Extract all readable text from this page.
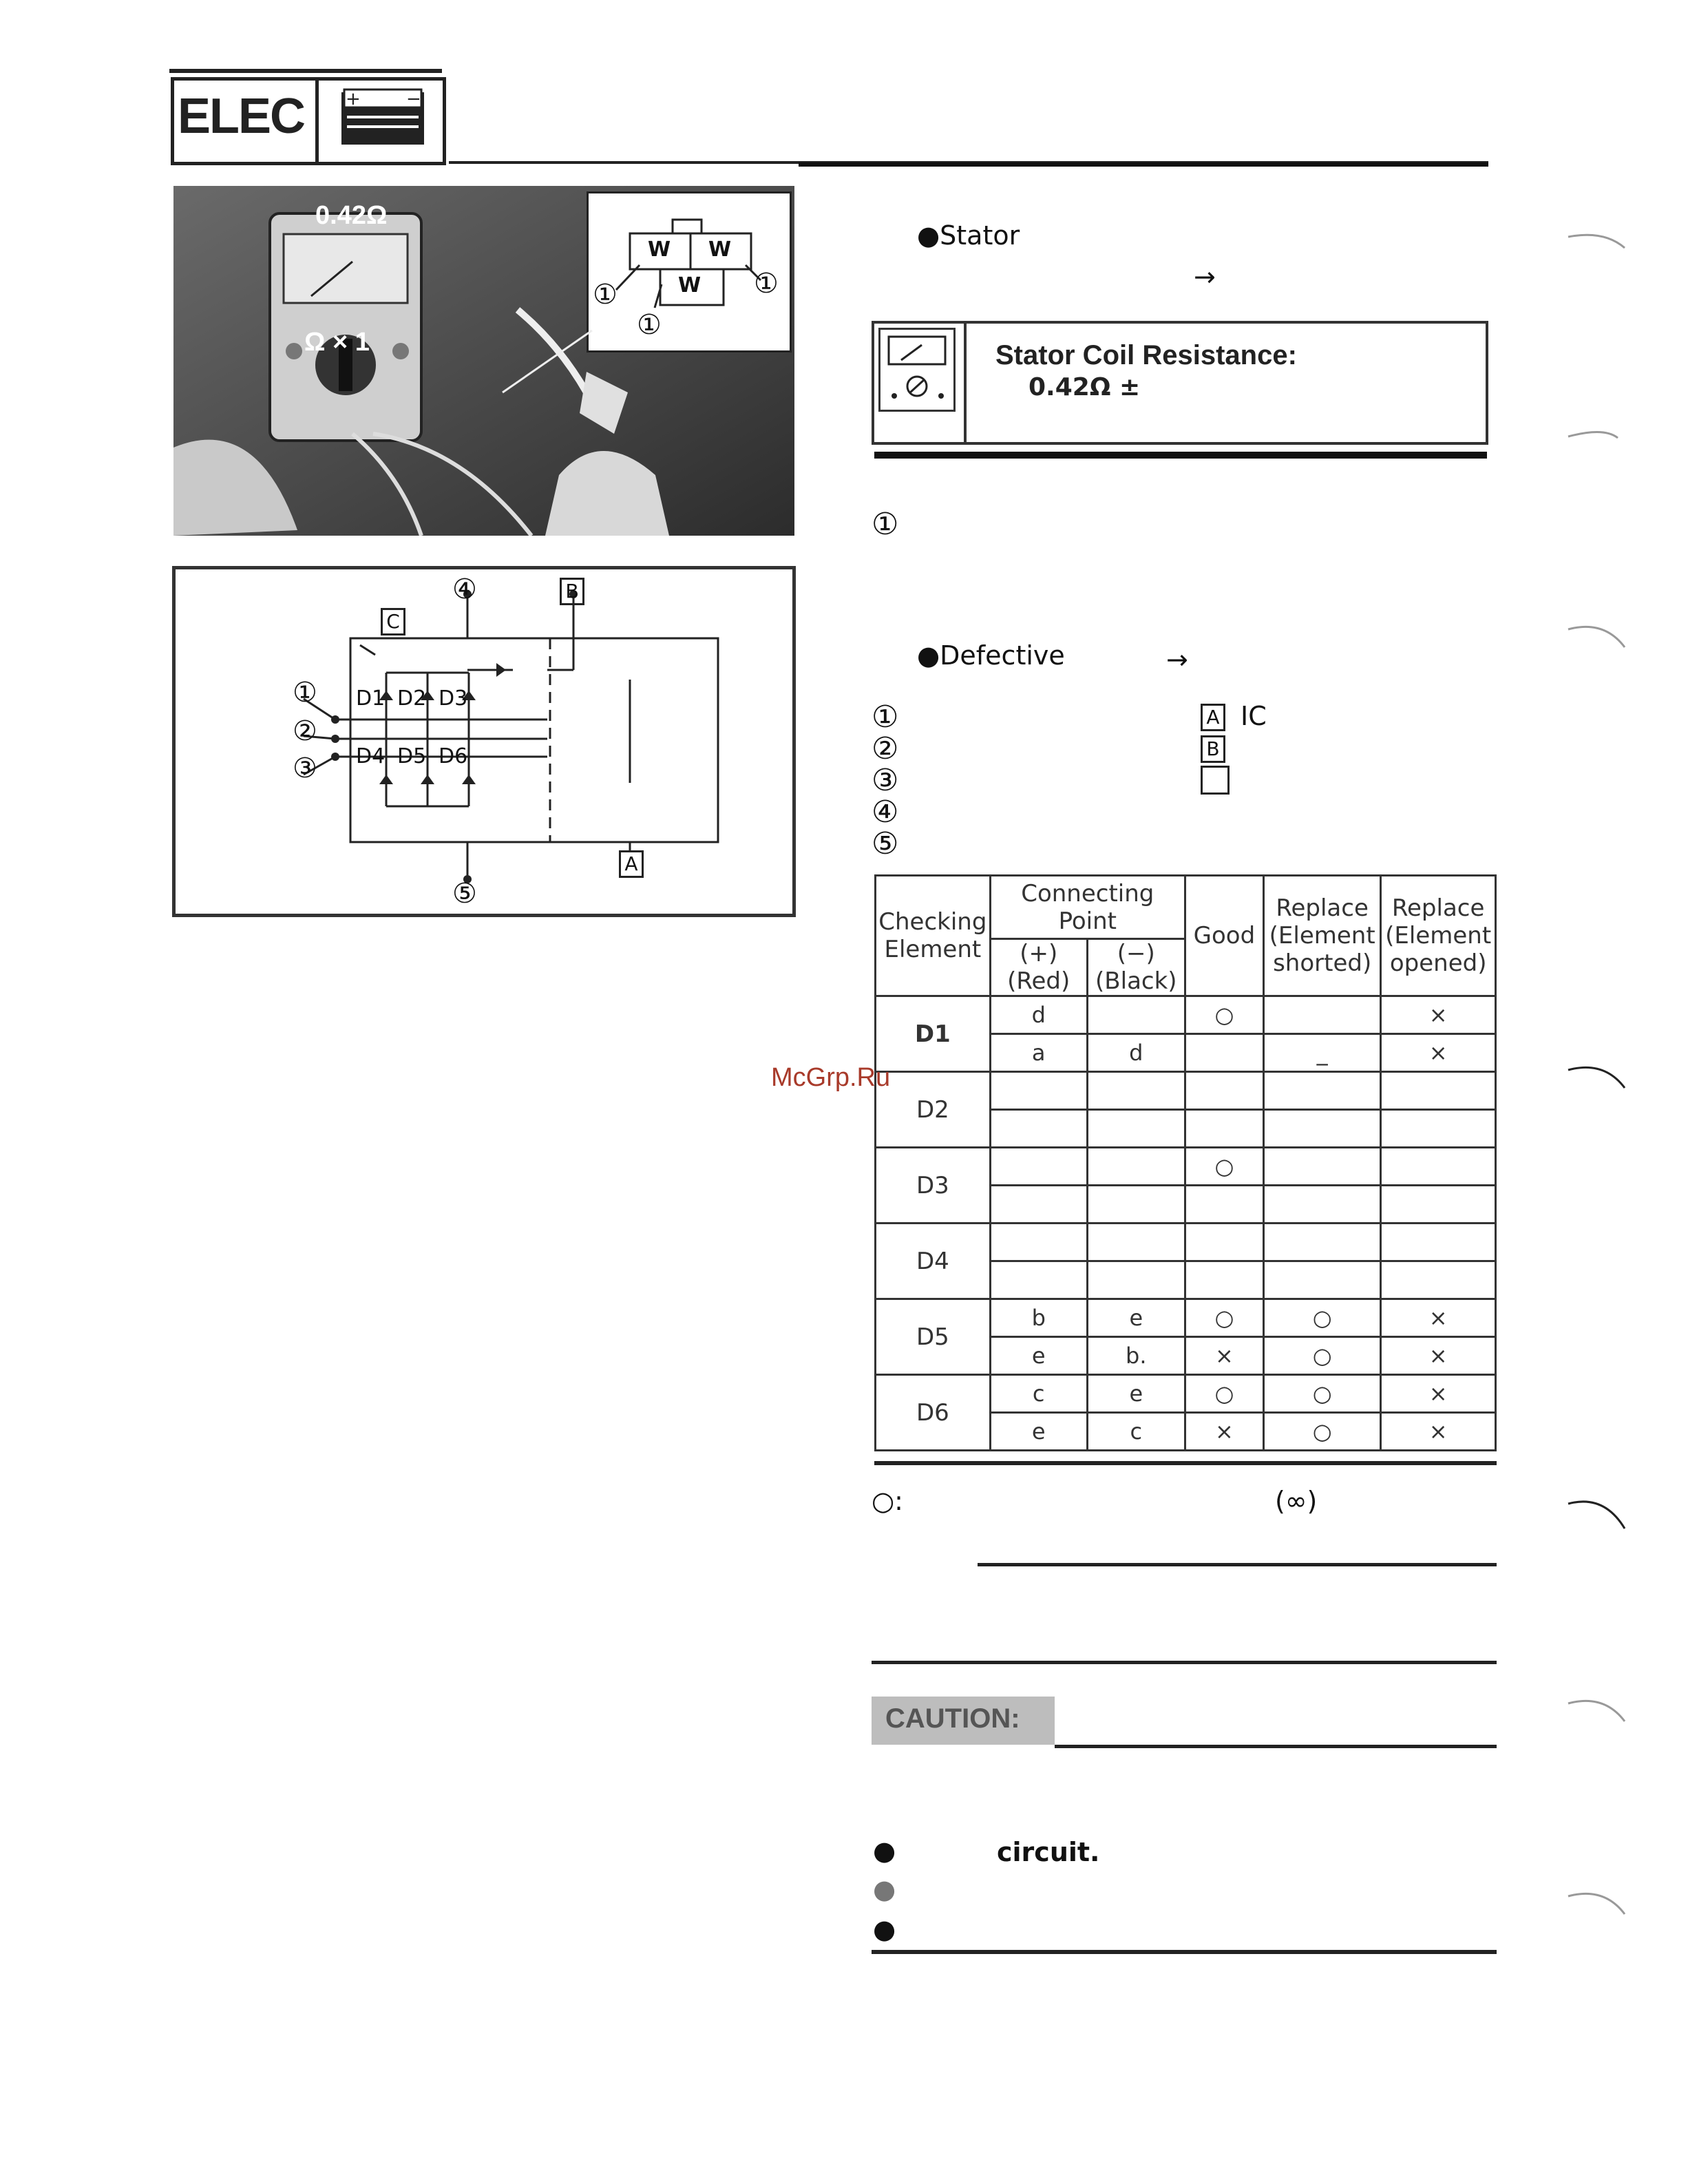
ELEC +	−
0.42Ω
Ω × 1
W W
W
①	①
①
D1 D2 D3
D4 D5 D6
①
②
③
④
⑤
C
B
A
●Stator
→
Stator Coil Resistance:
0.42Ω ±
①
●Defective	→
①
②
③
④
⑤
A IC
B
Checking Element	Connecting Point		Good	Replace (Element shorted)	Replace (Element opened)
	(+) (Red)	(−) (Black)			
D1	d		○		×
	a	d		_	×
D2					

D3			○		

D4					

D5	b	e	○	○	×
	e	b.	×	○	×
D6	c	e	○	○	×
	e	c	×	○	×
○:	(∞)
CAUTION:
●	circuit.
●
●
McGrp.Ru
